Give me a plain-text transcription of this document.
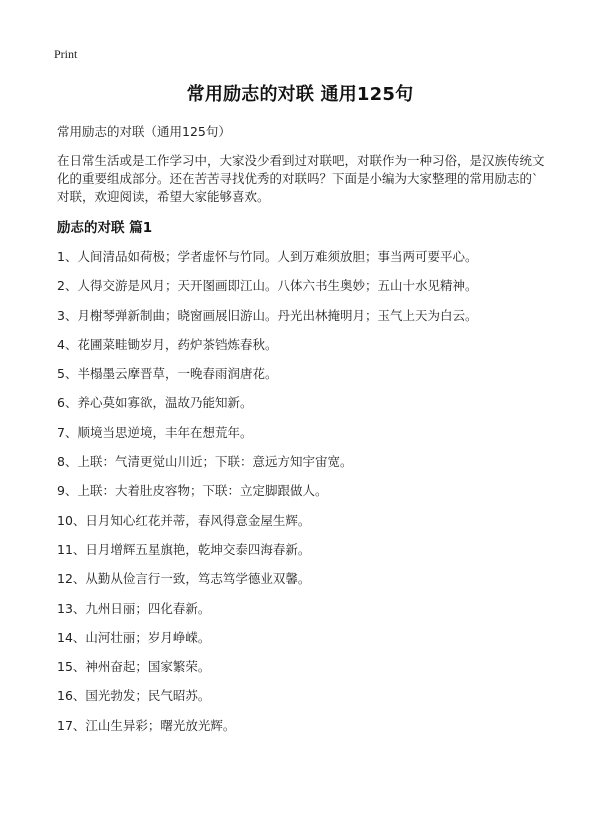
Print
常用励志的对联 通用125句
常用励志的对联（通用125句）

在日常生活或是工作学习中，大家没少看到过对联吧，对联作为一种习俗，是汉族传统文化的重要组成部分。还在苦苦寻找优秀的对联吗？下面是小编为大家整理的常用励志的`对联，欢迎阅读，希望大家能够喜欢。

励志的对联 篇1
1、人间清品如荷极；学者虚怀与竹同。人到万难须放胆；事当两可要平心。
2、人得交游是风月；天开图画即江山。八体六书生奥妙；五山十水见精神。
3、月榭琴弹新制曲；晓窗画展旧游山。丹光出林掩明月；玉气上天为白云。
4、花圃菜畦锄岁月，药炉茶铛炼春秋。
5、半榻墨云摩晋草，一晚春雨润唐花。
6、养心莫如寡欲，温故乃能知新。
7、顺境当思逆境，丰年在想荒年。
8、上联：气清更觉山川近；下联：意远方知宇宙宽。
9、上联：大着肚皮容物；下联：立定脚跟做人。
10、日月知心红花并蒂，春风得意金屋生辉。
11、日月增辉五星旗艳，乾坤交泰四海春新。
12、从勤从俭言行一致，笃志笃学德业双馨。
13、九州日丽；四化春新。
14、山河壮丽；岁月峥嵘。
15、神州奋起；国家繁荣。
16、国光勃发；民气昭苏。
17、江山生异彩；曙光放光辉。
